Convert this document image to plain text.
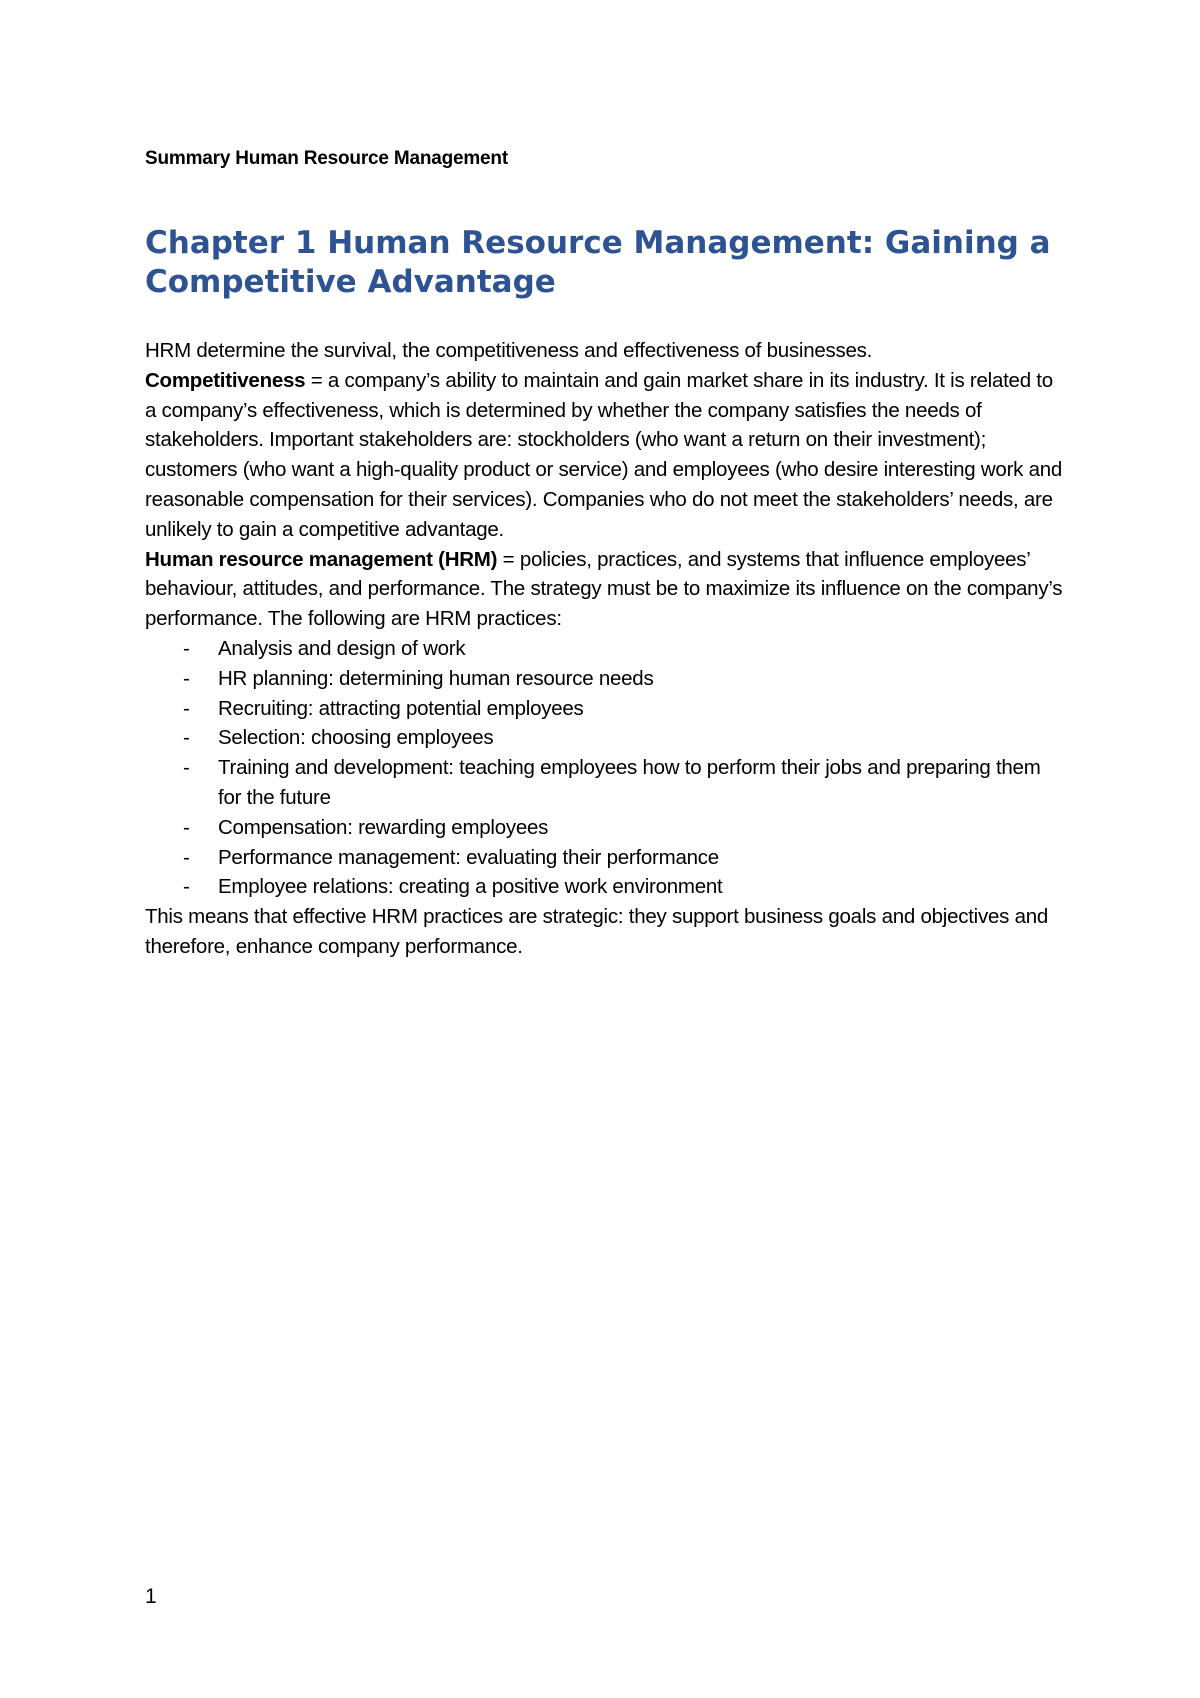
Summary Human Resource Management
Chapter 1 Human Resource Management: Gaining a Competitive Advantage

HRM determine the survival, the competitiveness and effectiveness of businesses.

Competitiveness = a company’s ability to maintain and gain market share in its industry. It is related to a company’s effectiveness, which is determined by whether the company satisfies the needs of stakeholders. Important stakeholders are: stockholders (who want a return on their investment); customers (who want a high-quality product or service) and employees (who desire interesting work and reasonable compensation for their services). Companies who do not meet the stakeholders’ needs, are unlikely to gain a competitive advantage.

Human resource management (HRM) = policies, practices, and systems that influence employees’ behaviour, attitudes, and performance. The strategy must be to maximize its influence on the company’s performance. The following are HRM practices:

- Analysis and design of work
- HR planning: determining human resource needs
- Recruiting: attracting potential employees
- Selection: choosing employees
- Training and development: teaching employees how to perform their jobs and preparing them for the future
- Compensation: rewarding employees
- Performance management: evaluating their performance
- Employee relations: creating a positive work environment

This means that effective HRM practices are strategic: they support business goals and objectives and therefore, enhance company performance.

1
